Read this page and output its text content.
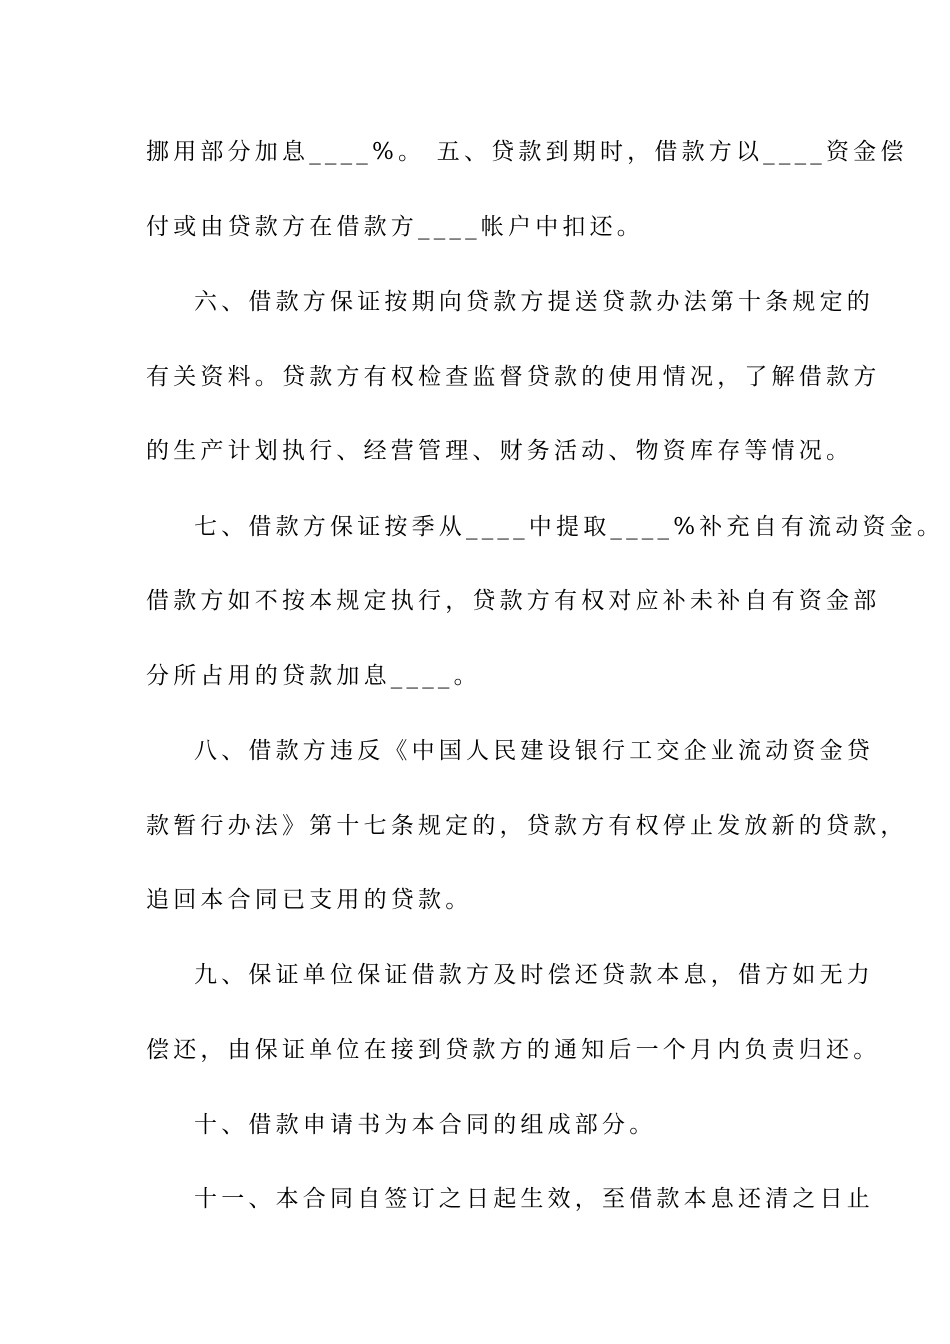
挪用部分加息____%。 五、贷款到期时，借款方以____资金偿
付或由贷款方在借款方____帐户中扣还。
六、借款方保证按期向贷款方提送贷款办法第十条规定的
有关资料。贷款方有权检查监督贷款的使用情况，了解借款方
的生产计划执行、经营管理、财务活动、物资库存等情况。
七、借款方保证按季从____中提取____%补充自有流动资金。
借款方如不按本规定执行，贷款方有权对应补未补自有资金部
分所占用的贷款加息____。
八、借款方违反《中国人民建设银行工交企业流动资金贷
款暂行办法》第十七条规定的，贷款方有权停止发放新的贷款，
追回本合同已支用的贷款。
九、保证单位保证借款方及时偿还贷款本息，借方如无力
偿还，由保证单位在接到贷款方的通知后一个月内负责归还。
十、借款申请书为本合同的组成部分。
十一、本合同自签订之日起生效，至借款本息还清之日止
